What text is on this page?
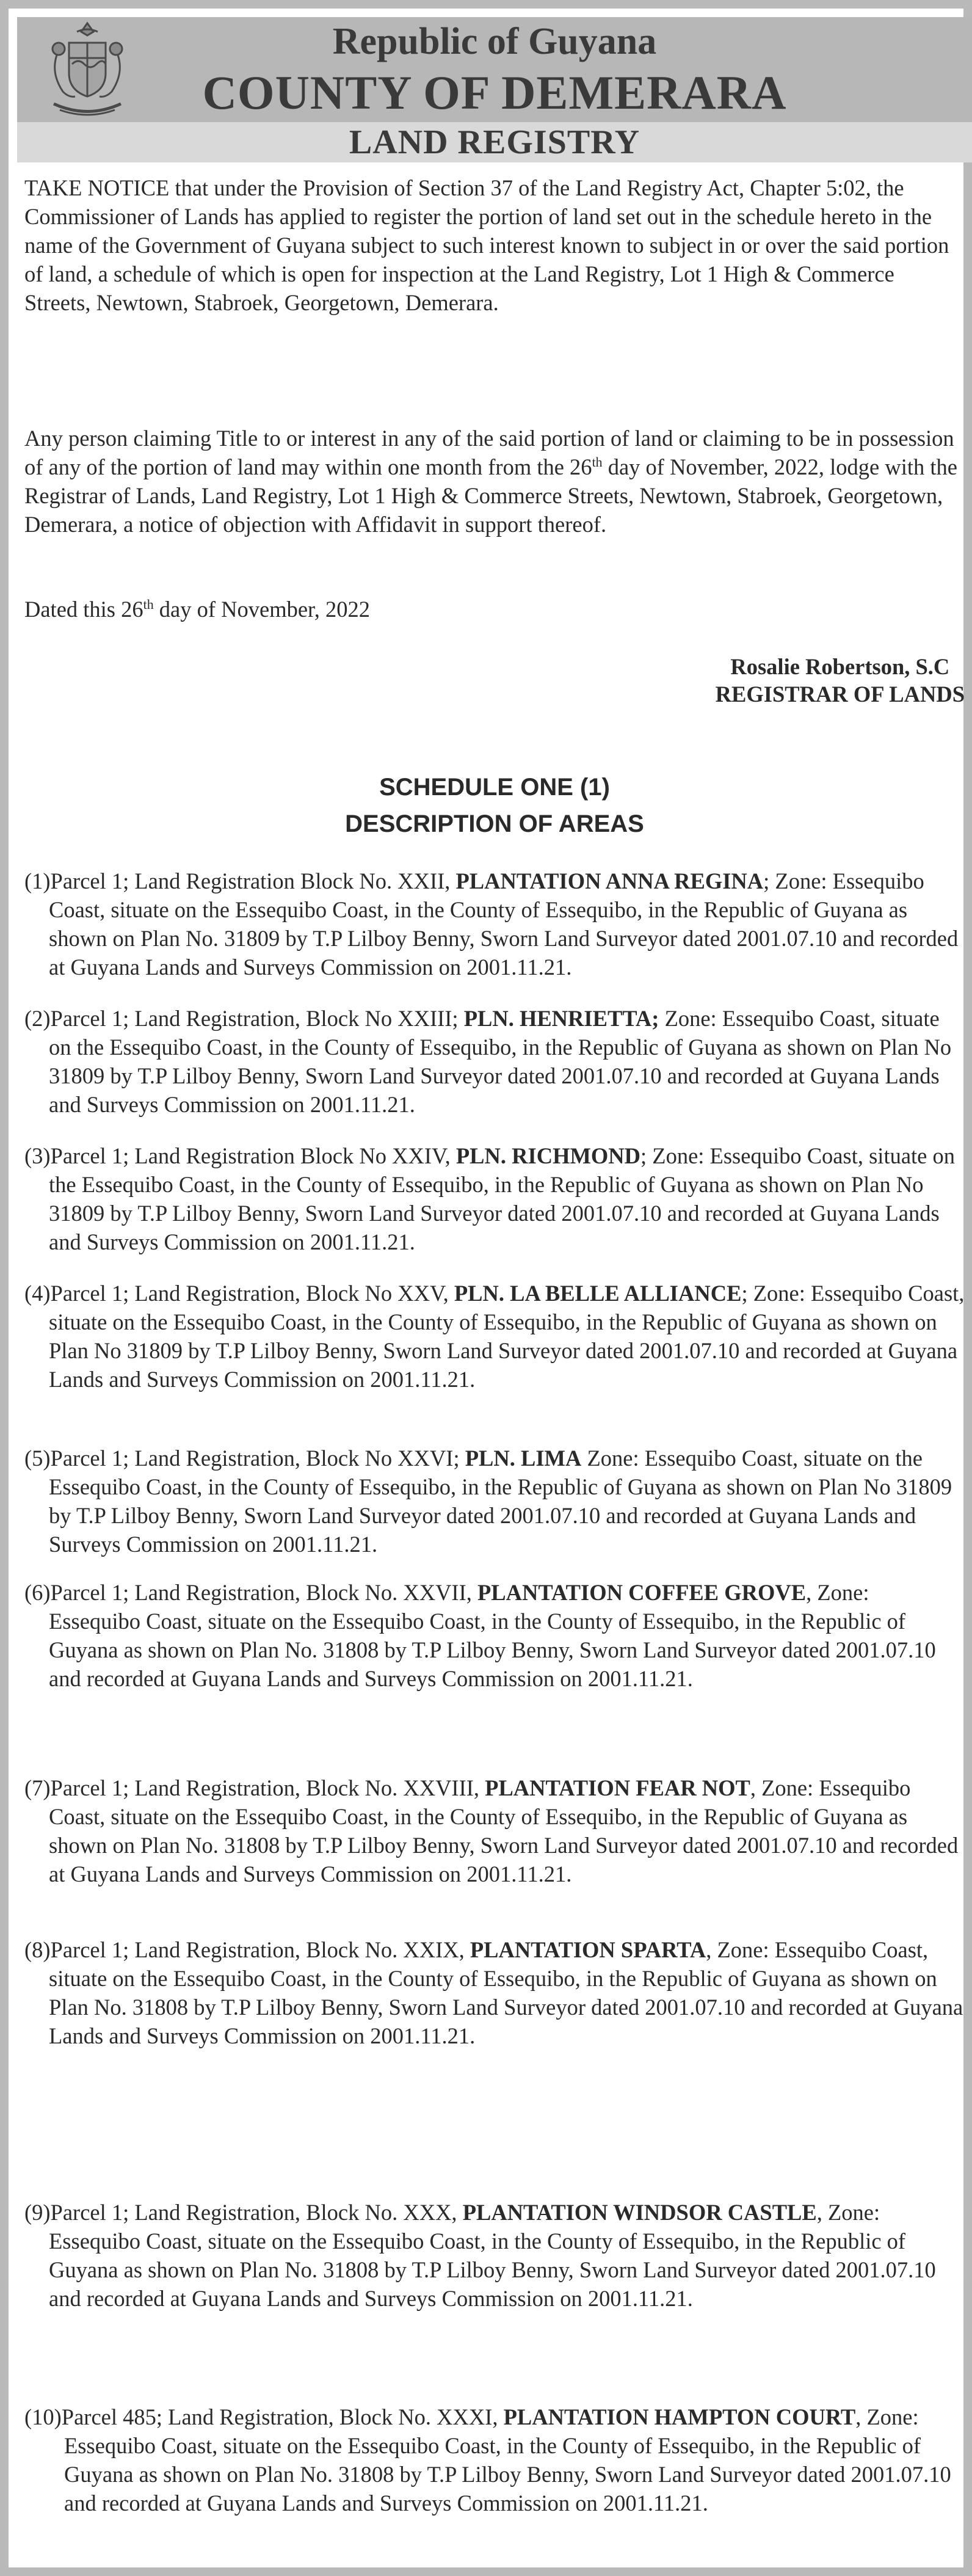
Republic of Guyana
COUNTY OF DEMERARA
LAND REGISTRY

TAKE NOTICE that under the Provision of Section 37 of the Land Registry Act, Chapter 5:02, the Commissioner of Lands has applied to register the portion of land set out in the schedule hereto in the name of the Government of Guyana subject to such interest known to subject in or over the said portion of land, a schedule of which is open for inspection at the Land Registry, Lot 1 High & Commerce Streets, Newtown, Stabroek, Georgetown, Demerara.

Any person claiming Title to or interest in any of the said portion of land or claiming to be in possession of any of the portion of land may within one month from the 26th day of November, 2022, lodge with the Registrar of Lands, Land Registry, Lot 1 High & Commerce Streets, Newtown, Stabroek, Georgetown, Demerara, a notice of objection with Affidavit in support thereof.

Dated this 26th day of November, 2022

Rosalie Robertson, S.C
REGISTRAR OF LANDS
SCHEDULE ONE (1)
DESCRIPTION OF AREAS

(1)Parcel 1; Land Registration Block No. XXII, PLANTATION ANNA REGINA; Zone: Essequibo Coast, situate on the Essequibo Coast, in the County of Essequibo, in the Republic of Guyana as shown on Plan No. 31809 by T.P Lilboy Benny, Sworn Land Surveyor dated 2001.07.10 and recorded at Guyana Lands and Surveys Commission on 2001.11.21.

(2)Parcel 1; Land Registration, Block No XXIII; PLN. HENRIETTA; Zone: Essequibo Coast, situate on the Essequibo Coast, in the County of Essequibo, in the Republic of Guyana as shown on Plan No 31809 by T.P Lilboy Benny, Sworn Land Surveyor dated 2001.07.10 and recorded at Guyana Lands and Surveys Commission on 2001.11.21.

(3)Parcel 1; Land Registration Block No XXIV, PLN. RICHMOND; Zone: Essequibo Coast, situate on the Essequibo Coast, in the County of Essequibo, in the Republic of Guyana as shown on Plan No 31809 by T.P Lilboy Benny, Sworn Land Surveyor dated 2001.07.10 and recorded at Guyana Lands and Surveys Commission on 2001.11.21.

(4)Parcel 1; Land Registration, Block No XXV, PLN. LA BELLE ALLIANCE; Zone: Essequibo Coast, situate on the Essequibo Coast, in the County of Essequibo, in the Republic of Guyana as shown on Plan No 31809 by T.P Lilboy Benny, Sworn Land Surveyor dated 2001.07.10 and recorded at Guyana Lands and Surveys Commission on 2001.11.21.

(5)Parcel 1; Land Registration, Block No XXVI; PLN. LIMA Zone: Essequibo Coast, situate on the Essequibo Coast, in the County of Essequibo, in the Republic of Guyana as shown on Plan No 31809 by T.P Lilboy Benny, Sworn Land Surveyor dated 2001.07.10 and recorded at Guyana Lands and Surveys Commission on 2001.11.21.

(6)Parcel 1; Land Registration, Block No. XXVII, PLANTATION COFFEE GROVE, Zone: Essequibo Coast, situate on the Essequibo Coast, in the County of Essequibo, in the Republic of Guyana as shown on Plan No. 31808 by T.P Lilboy Benny, Sworn Land Surveyor dated 2001.07.10 and recorded at Guyana Lands and Surveys Commission on 2001.11.21.

(7)Parcel 1; Land Registration, Block No. XXVIII, PLANTATION FEAR NOT, Zone: Essequibo Coast, situate on the Essequibo Coast, in the County of Essequibo, in the Republic of Guyana as shown on Plan No. 31808 by T.P Lilboy Benny, Sworn Land Surveyor dated 2001.07.10 and recorded at Guyana Lands and Surveys Commission on 2001.11.21.

(8)Parcel 1; Land Registration, Block No. XXIX, PLANTATION SPARTA, Zone: Essequibo Coast, situate on the Essequibo Coast, in the County of Essequibo, in the Republic of Guyana as shown on Plan No. 31808 by T.P Lilboy Benny, Sworn Land Surveyor dated 2001.07.10 and recorded at Guyana Lands and Surveys Commission on 2001.11.21.

(9)Parcel 1; Land Registration, Block No. XXX, PLANTATION WINDSOR CASTLE, Zone: Essequibo Coast, situate on the Essequibo Coast, in the County of Essequibo, in the Republic of Guyana as shown on Plan No. 31808 by T.P Lilboy Benny, Sworn Land Surveyor dated 2001.07.10 and recorded at Guyana Lands and Surveys Commission on 2001.11.21.

(10)Parcel 485; Land Registration, Block No. XXXI, PLANTATION HAMPTON COURT, Zone: Essequibo Coast, situate on the Essequibo Coast, in the County of Essequibo, in the Republic of Guyana as shown on Plan No. 31808 by T.P Lilboy Benny, Sworn Land Surveyor dated 2001.07.10 and recorded at Guyana Lands and Surveys Commission on 2001.11.21.
